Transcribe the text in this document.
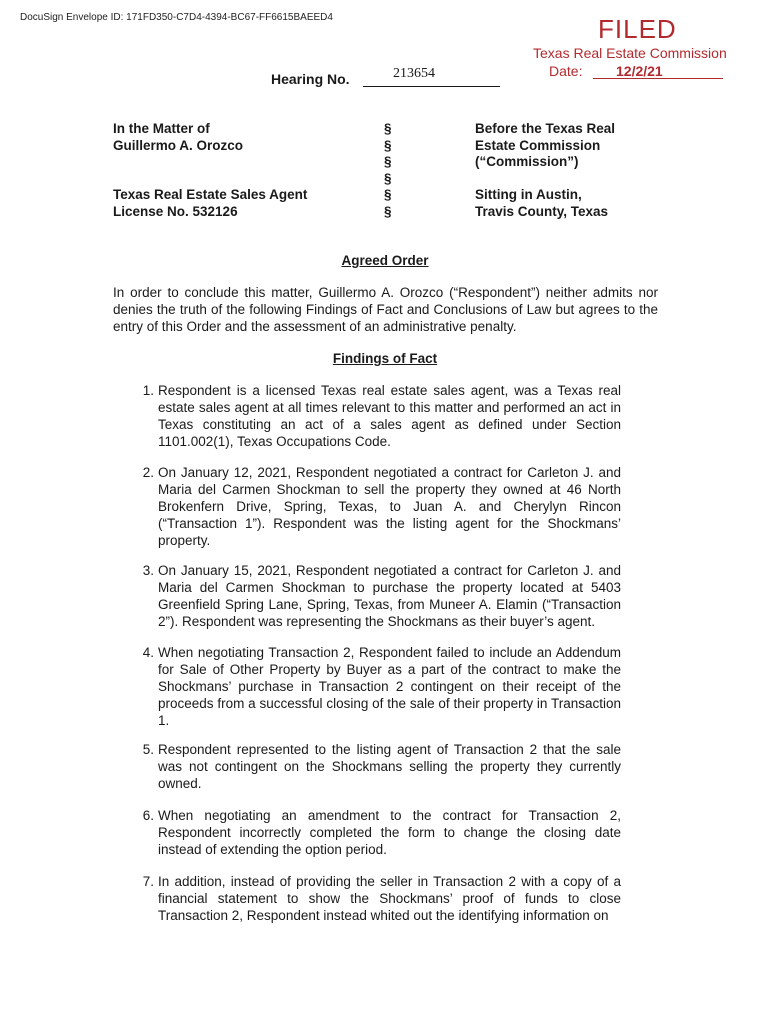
DocuSign Envelope ID: 171FD350-C7D4-4394-BC67-FF6615BAEED4	FILED
Texas Real Estate Commission
Date: 12/2/21
Hearing No.	213654
In the Matter of
Guillermo A. Orozco
Texas Real Estate Sales Agent
License No. 532126
§
§
§
§
§
§
Before the Texas Real
Estate Commission
(“Commission”)
Sitting in Austin,
Travis County, Texas
Agreed Order
In order to conclude this matter, Guillermo A. Orozco (“Respondent”) neither admits nor denies the truth of the following Findings of Fact and Conclusions of Law but agrees to the entry of this Order and the assessment of an administrative penalty.
Findings of Fact
1. Respondent is a licensed Texas real estate sales agent, was a Texas real estate sales agent at all times relevant to this matter and performed an act in Texas constituting an act of a sales agent as defined under Section 1101.002(1), Texas Occupations Code.
2. On January 12, 2021, Respondent negotiated a contract for Carleton J. and Maria del Carmen Shockman to sell the property they owned at 46 North Brokenfern Drive, Spring, Texas, to Juan A. and Cherylyn Rincon (“Transaction 1”). Respondent was the listing agent for the Shockmans’ property.
3. On January 15, 2021, Respondent negotiated a contract for Carleton J. and Maria del Carmen Shockman to purchase the property located at 5403 Greenfield Spring Lane, Spring, Texas, from Muneer A. Elamin (“Transaction 2”). Respondent was representing the Shockmans as their buyer’s agent.
4. When negotiating Transaction 2, Respondent failed to include an Addendum for Sale of Other Property by Buyer as a part of the contract to make the Shockmans’ purchase in Transaction 2 contingent on their receipt of the proceeds from a successful closing of the sale of their property in Transaction 1.
5. Respondent represented to the listing agent of Transaction 2 that the sale was not contingent on the Shockmans selling the property they currently owned.
6. When negotiating an amendment to the contract for Transaction 2, Respondent incorrectly completed the form to change the closing date instead of extending the option period.
7. In addition, instead of providing the seller in Transaction 2 with a copy of a financial statement to show the Shockmans’ proof of funds to close Transaction 2, Respondent instead whited out the identifying information on
